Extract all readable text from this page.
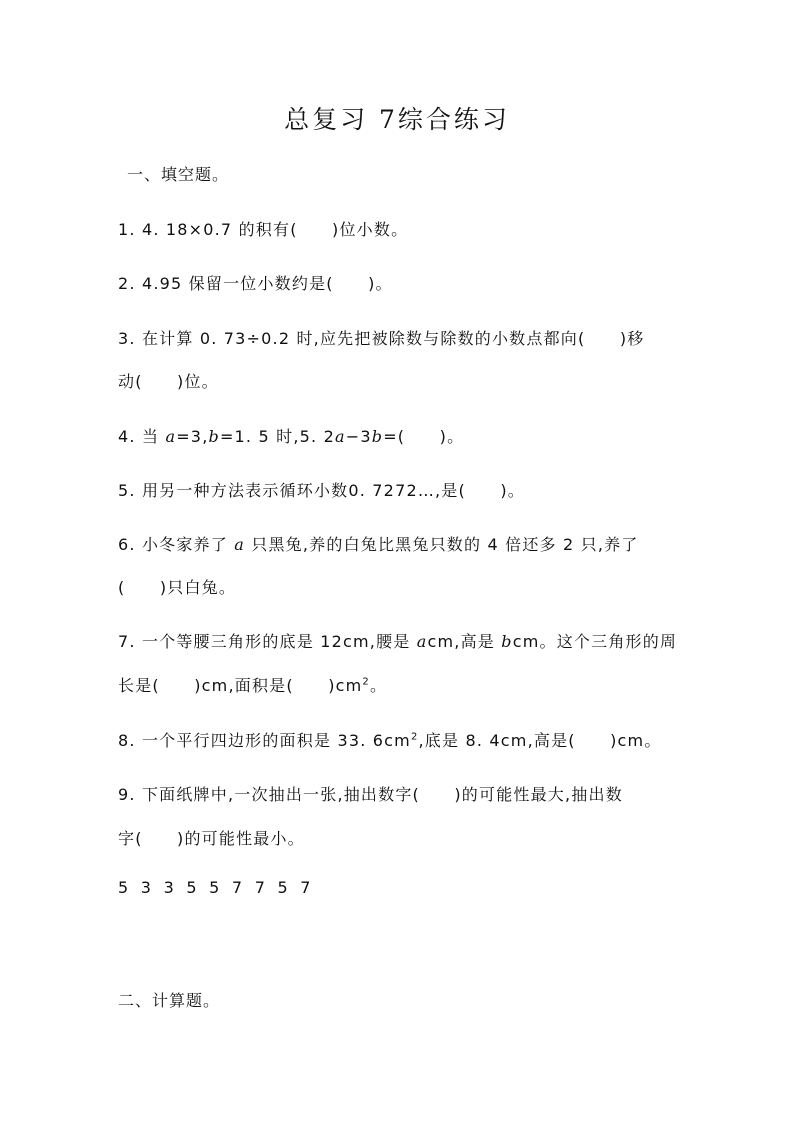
总复习 7综合练习
一、填空题。
1. 4. 18×0.7 的积有(　　)位小数。
2. 4.95 保留一位小数约是(　　)。
3. 在计算 0. 73÷0.2 时,应先把被除数与除数的小数点都向(　　)移
动(　　)位。
4. 当 a=3,b=1. 5 时,5. 2a−3b=(　　)。
5. 用另一种方法表示循环小数0. 7272…,是(　　)。
6. 小冬家养了 a 只黑兔,养的白兔比黑兔只数的 4 倍还多 2 只,养了
(　　)只白兔。
7. 一个等腰三角形的底是 12cm,腰是 acm,高是 bcm。这个三角形的周
长是(　　)cm,面积是(　　)$cm^2$。
8. 一个平行四边形的面积是 33. $6cm^2$,底是 8. 4cm,高是(　　)cm。
9. 下面纸牌中,一次抽出一张,抽出数字(　　)的可能性最大,抽出数
字(　　)的可能性最小。
5 3 3 5 5 7 7 5 7
二、计算题。
